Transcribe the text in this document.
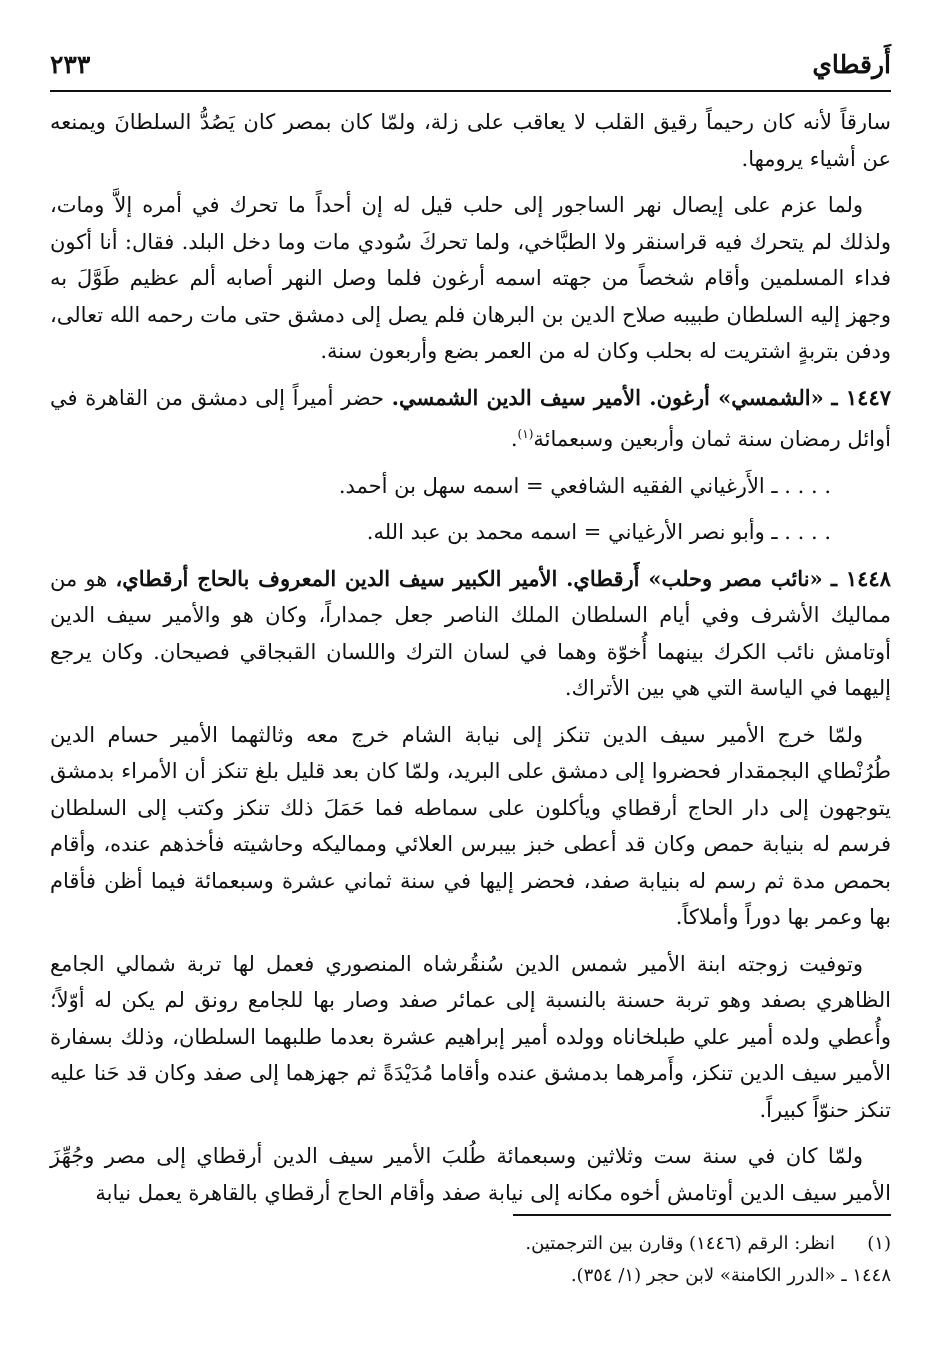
أَرقطاي
٢٣٣

سارقاً لأنه كان رحيماً رقيق القلب لا يعاقب على زلة، ولمّا كان بمصر كان يَصُدُّ السلطانَ ويمنعه عن أشياء يرومها.

ولما عزم على إيصال نهر الساجور إلى حلب قيل له إن أحداً ما تحرك في أمره إلاَّ ومات، ولذلك لم يتحرك فيه قراسنقر ولا الطبَّاخي، ولما تحركَ سُودي مات وما دخل البلد. فقال: أنا أكون فداء المسلمين وأقام شخصاً من جهته اسمه أرغون فلما وصل النهر أصابه ألم عظيم طَوَّلَ به وجهز إليه السلطان طبيبه صلاح الدين بن البرهان فلم يصل إلى دمشق حتى مات رحمه الله تعالى، ودفن بتربةٍ اشتريت له بحلب وكان له من العمر بضع وأربعون سنة.

١٤٤٧ ـ «الشمسي» أرغون. الأمير سيف الدين الشمسي. حضر أميراً إلى دمشق من القاهرة في أوائل رمضان سنة ثمان وأربعين وسبعمائة$^{(١)}$.

. . . . ـ الأَرغياني الفقيه الشافعي = اسمه سهل بن أحمد.

. . . . ـ وأبو نصر الأرغياني = اسمه محمد بن عبد الله.

١٤٤٨ ـ «نائب مصر وحلب» أَرقطاي. الأمير الكبير سيف الدين المعروف بالحاج أرقطاي، هو من مماليك الأشرف وفي أيام السلطان الملك الناصر جعل جمداراً، وكان هو والأمير سيف الدين أوتامش نائب الكرك بينهما أُخوّة وهما في لسان الترك واللسان القبجاقي فصيحان. وكان يرجع إليهما في الياسة التي هي بين الأتراك.

ولمّا خرج الأمير سيف الدين تنكز إلى نيابة الشام خرج معه وثالثهما الأمير حسام الدين طُرُنْطاي البجمقدار فحضروا إلى دمشق على البريد، ولمّا كان بعد قليل بلغ تنكز أن الأمراء بدمشق يتوجهون إلى دار الحاج أرقطاي ويأكلون على سماطه فما حَمَلَ ذلك تنكز وكتب إلى السلطان فرسم له بنيابة حمص وكان قد أعطى خبز بيبرس العلائي ومماليكه وحاشيته فأخذهم عنده، وأقام بحمص مدة ثم رسم له بنيابة صفد، فحضر إليها في سنة ثماني عشرة وسبعمائة فيما أظن فأقام بها وعمر بها دوراً وأملاكاً.

وتوفيت زوجته ابنة الأمير شمس الدين سُنقُرشاه المنصوري فعمل لها تربة شمالي الجامع الظاهري بصفد وهو تربة حسنة بالنسبة إلى عمائر صفد وصار بها للجامع رونق لم يكن له أوّلاً؛ وأُعطي ولده أمير علي طبلخاناه وولده أمير إبراهيم عشرة بعدما طلبهما السلطان، وذلك بسفارة الأمير سيف الدين تنكز، وأَمرهما بدمشق عنده وأقاما مُدَيْدَةً ثم جهزهما إلى صفد وكان قد حَنا عليه تنكز حنوّاً كبيراً.

ولمّا كان في سنة ست وثلاثين وسبعمائة طُلبَ الأمير سيف الدين أرقطاي إلى مصر وجُهِّزَ الأمير سيف الدين أوتامش أخوه مكانه إلى نيابة صفد وأقام الحاج أرقطاي بالقاهرة يعمل نيابة

(١)انظر: الرقم (١٤٤٦) وقارن بين الترجمتين.

١٤٤٨ ـ «الدرر الكامنة» لابن حجر (١/ ٣٥٤).
